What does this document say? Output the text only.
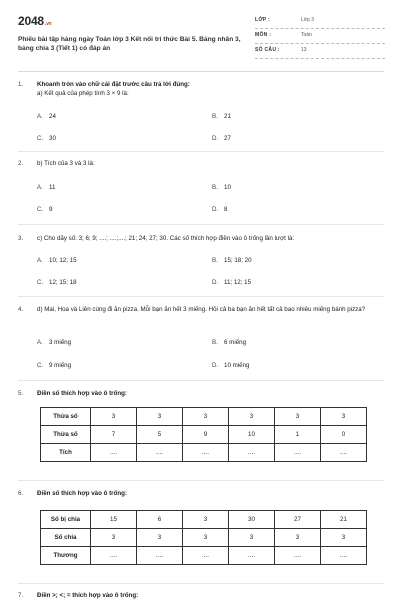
2048.vn
Phiếu bài tập hàng ngày Toán lớp 3 Kết nối tri thức Bài 5. Bảng nhân 3, bảng chia 3 (Tiết 1) có đáp án
LỚP :	Lớp 3
MÔN :	Toán
SỐ CÂU :	13
1. Khoanh tròn vào chữ cái đặt trước câu trả lời đúng:
a) Kết quả của phép tính 3 × 9 là:
A. 24	B. 21
C. 30	D. 27
2. b) Tích của 3 và 3 là:
A. 11	B. 10
C. 9	D. 8
3. c) Cho dãy số: 3; 6; 9; ....; ....;....; 21; 24; 27; 30. Các số thích hợp điền vào ô trống lần lượt là:
A. 10; 12; 15	B. 15; 18; 20
C. 12; 15; 18	D. 11; 12; 15
4. d) Mai, Hoa và Liên cùng đi ăn pizza. Mỗi bạn ăn hết 3 miếng. Hỏi cả ba bạn ăn hết tất cả bao nhiêu miếng bánh pizza?
A. 3 miếng	B. 6 miếng
C. 9 miếng	D. 10 miếng
5. Điền số thích hợp vào ô trống:
Thừa số	3	3	3	3	3	3
Thừa số	7	5	9	10	1	0
Tích	....	....	....	....	....	....
6. Điền số thích hợp vào ô trống:
Số bị chia	15	6	3	30	27	21
Số chia	3	3	3	3	3	3
Thương	....	....	....	....	....	....
7. Điền >; <; = thích hợp vào ô trống:
